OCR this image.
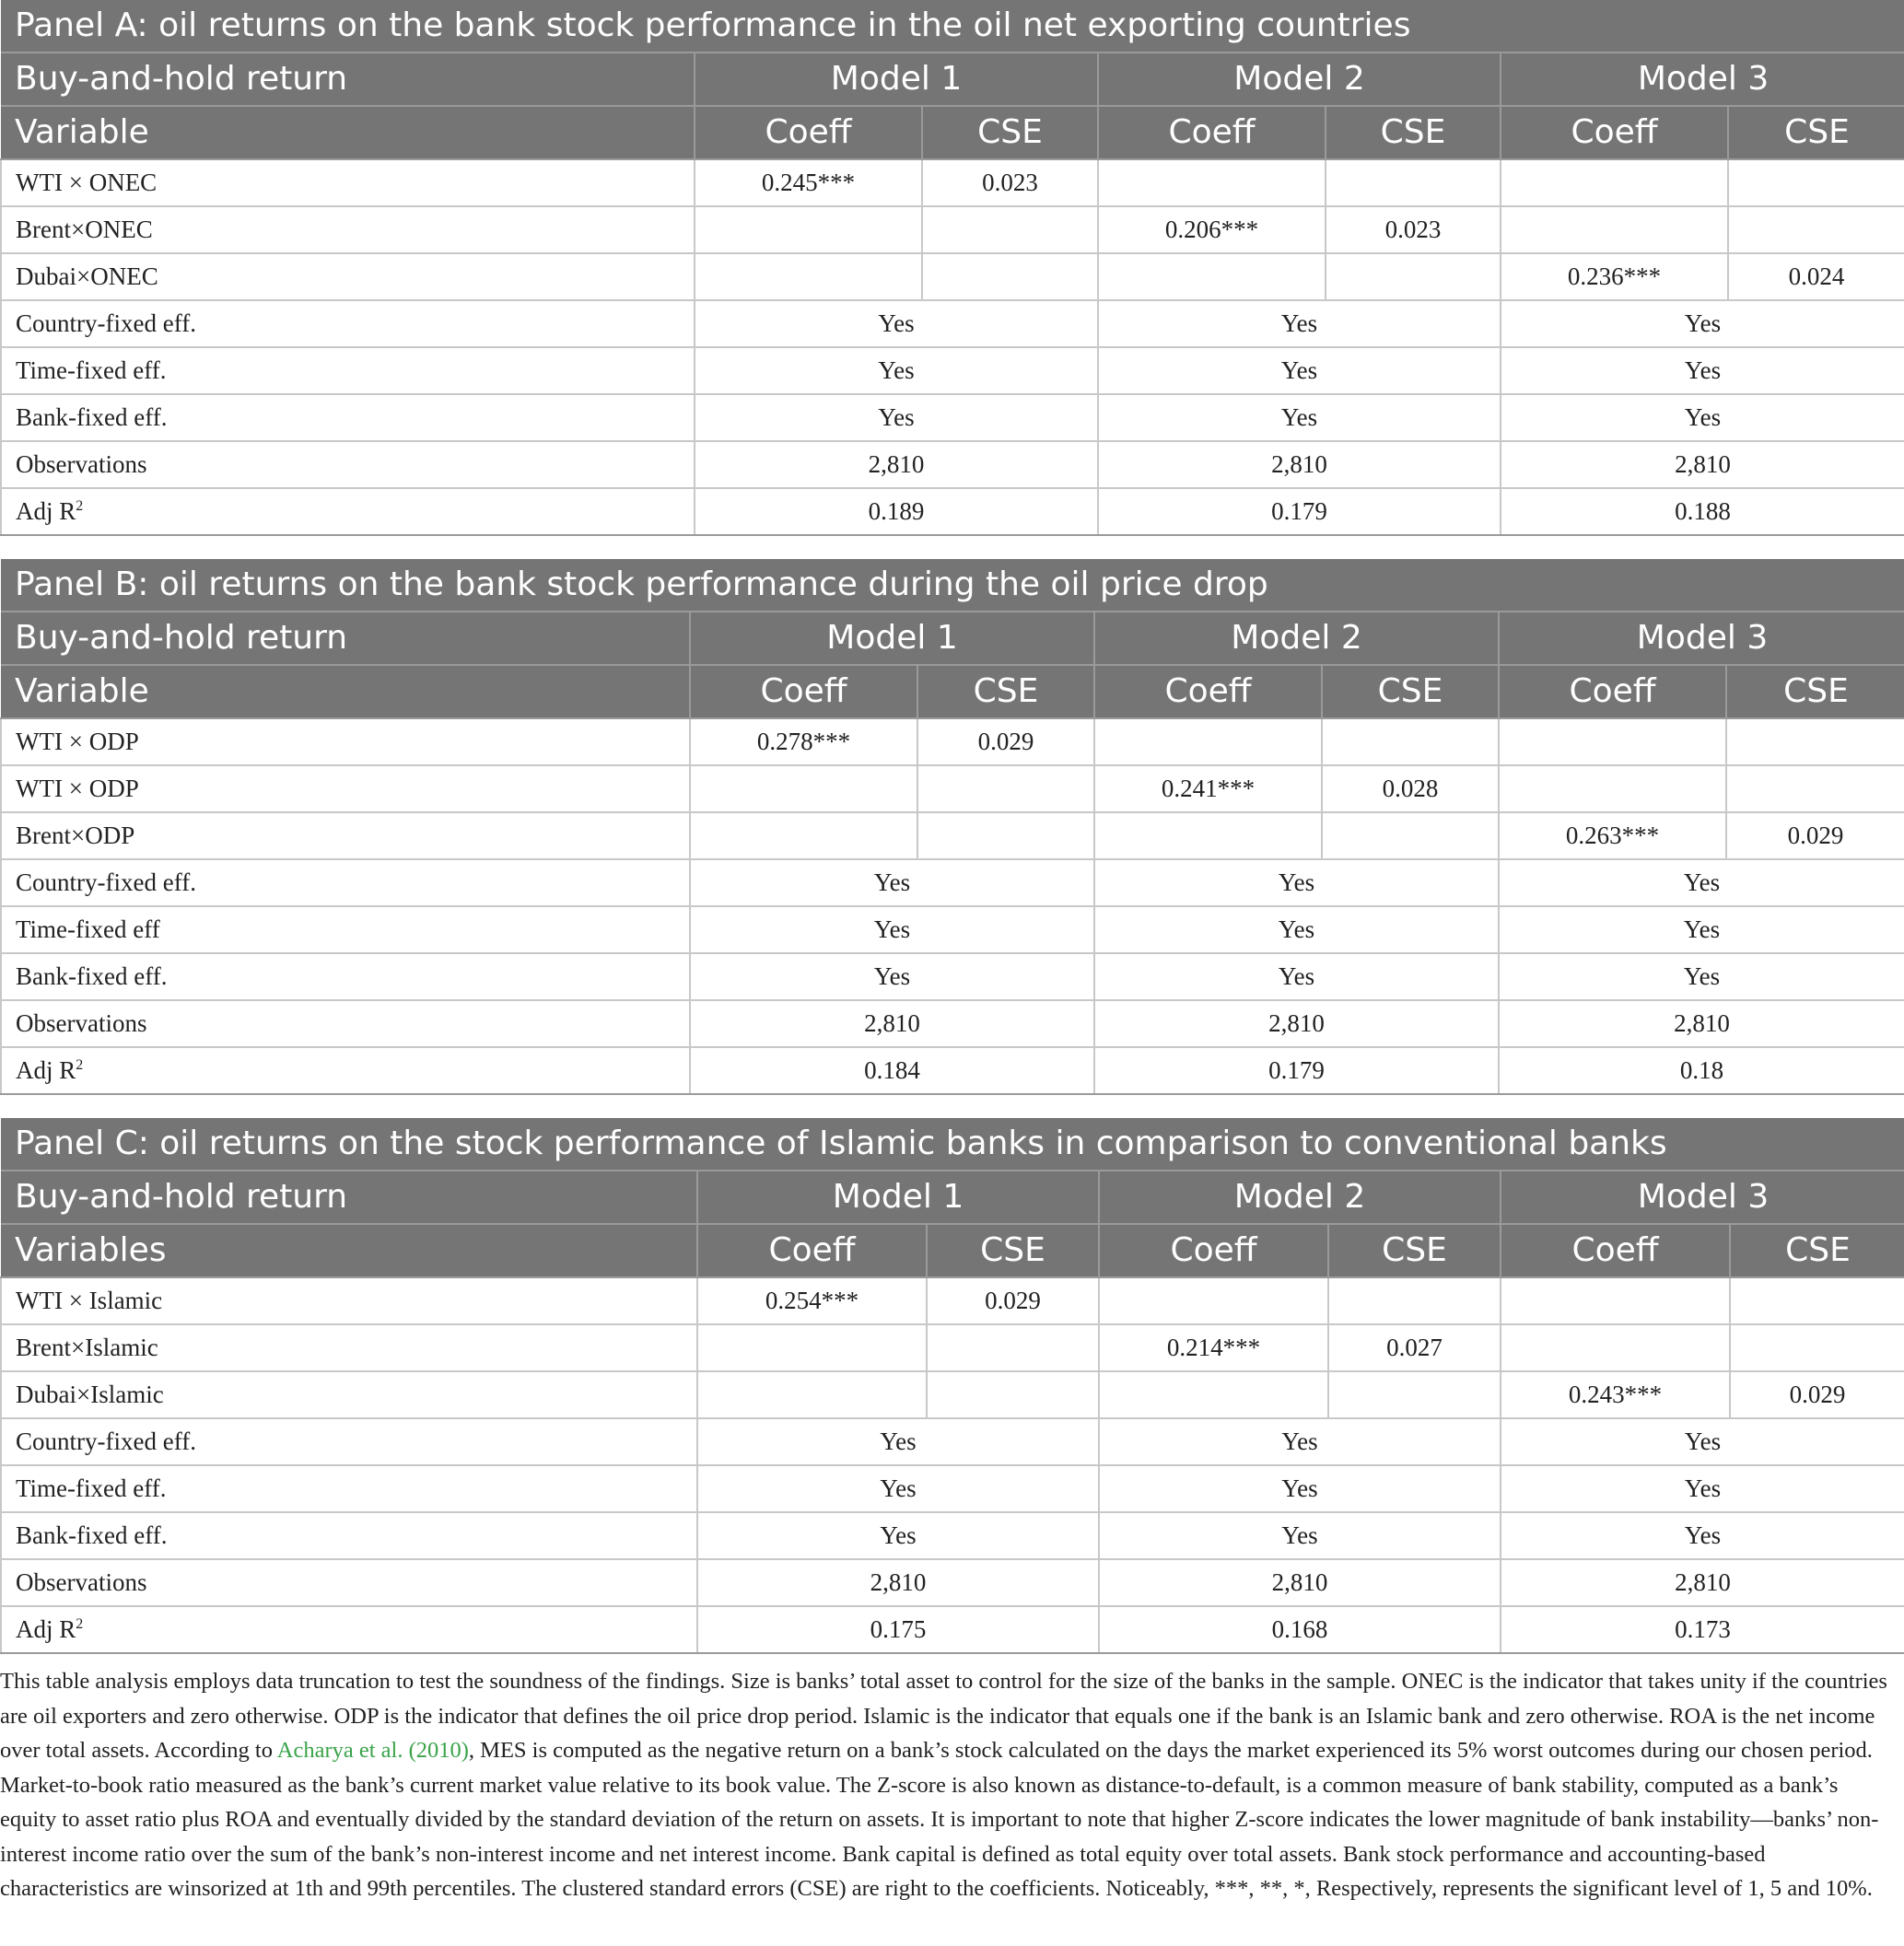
Panel A: oil returns on the bank stock performance in the oil net exporting countries						
Buy-and-hold return	Model 1		Model 2		Model 3	
Variable	Coeff	CSE	Coeff	CSE	Coeff	CSE
WTI × ONEC	0.245***	0.023				
Brent×ONEC			0.206***	0.023		
Dubai×ONEC					0.236***	0.024
Country-fixed eff.	Yes		Yes		Yes	
Time-fixed eff.	Yes		Yes		Yes	
Bank-fixed eff.	Yes		Yes		Yes	
Observations	2,810		2,810		2,810	
Adj $R^2$	0.189		0.179		0.188	
Panel B: oil returns on the bank stock performance during the oil price drop						
Buy-and-hold return	Model 1		Model 2		Model 3	
Variable	Coeff	CSE	Coeff	CSE	Coeff	CSE
WTI × ODP	0.278***	0.029				
WTI × ODP			0.241***	0.028		
Brent×ODP					0.263***	0.029
Country-fixed eff.	Yes		Yes		Yes	
Time-fixed eff	Yes		Yes		Yes	
Bank-fixed eff.	Yes		Yes		Yes	
Observations	2,810		2,810		2,810	
Adj $R^2$	0.184		0.179		0.18	
Panel C: oil returns on the stock performance of Islamic banks in comparison to conventional banks						
Buy-and-hold return	Model 1		Model 2		Model 3	
Variables	Coeff	CSE	Coeff	CSE	Coeff	CSE
WTI × Islamic	0.254***	0.029				
Brent×Islamic			0.214***	0.027		
Dubai×Islamic					0.243***	0.029
Country-fixed eff.	Yes		Yes		Yes	
Time-fixed eff.	Yes		Yes		Yes	
Bank-fixed eff.	Yes		Yes		Yes	
Observations	2,810		2,810		2,810	
Adj $R^2$	0.175		0.168		0.173	
This table analysis employs data truncation to test the soundness of the findings. Size is banks’ total asset to control for the size of the banks in the sample. ONEC is the indicator that takes unity if the countries are oil exporters and zero otherwise. ODP is the indicator that defines the oil price drop period. Islamic is the indicator that equals one if the bank is an Islamic bank and zero otherwise. ROA is the net income over total assets. According to Acharya et al. (2010), MES is computed as the negative return on a bank’s stock calculated on the days the market experienced its 5% worst outcomes during our chosen period. Market-to-book ratio measured as the bank’s current market value relative to its book value. The Z-score is also known as distance-to-default, is a common measure of bank stability, computed as a bank’s equity to asset ratio plus ROA and eventually divided by the standard deviation of the return on assets. It is important to note that higher Z-score indicates the lower magnitude of bank instability—banks’ non-interest income ratio over the sum of the bank’s non-interest income and net interest income. Bank capital is defined as total equity over total assets. Bank stock performance and accounting-based characteristics are winsorized at 1th and 99th percentiles. The clustered standard errors (CSE) are right to the coefficients. Noticeably, ***, **, *, Respectively, represents the significant level of 1, 5 and 10%.
